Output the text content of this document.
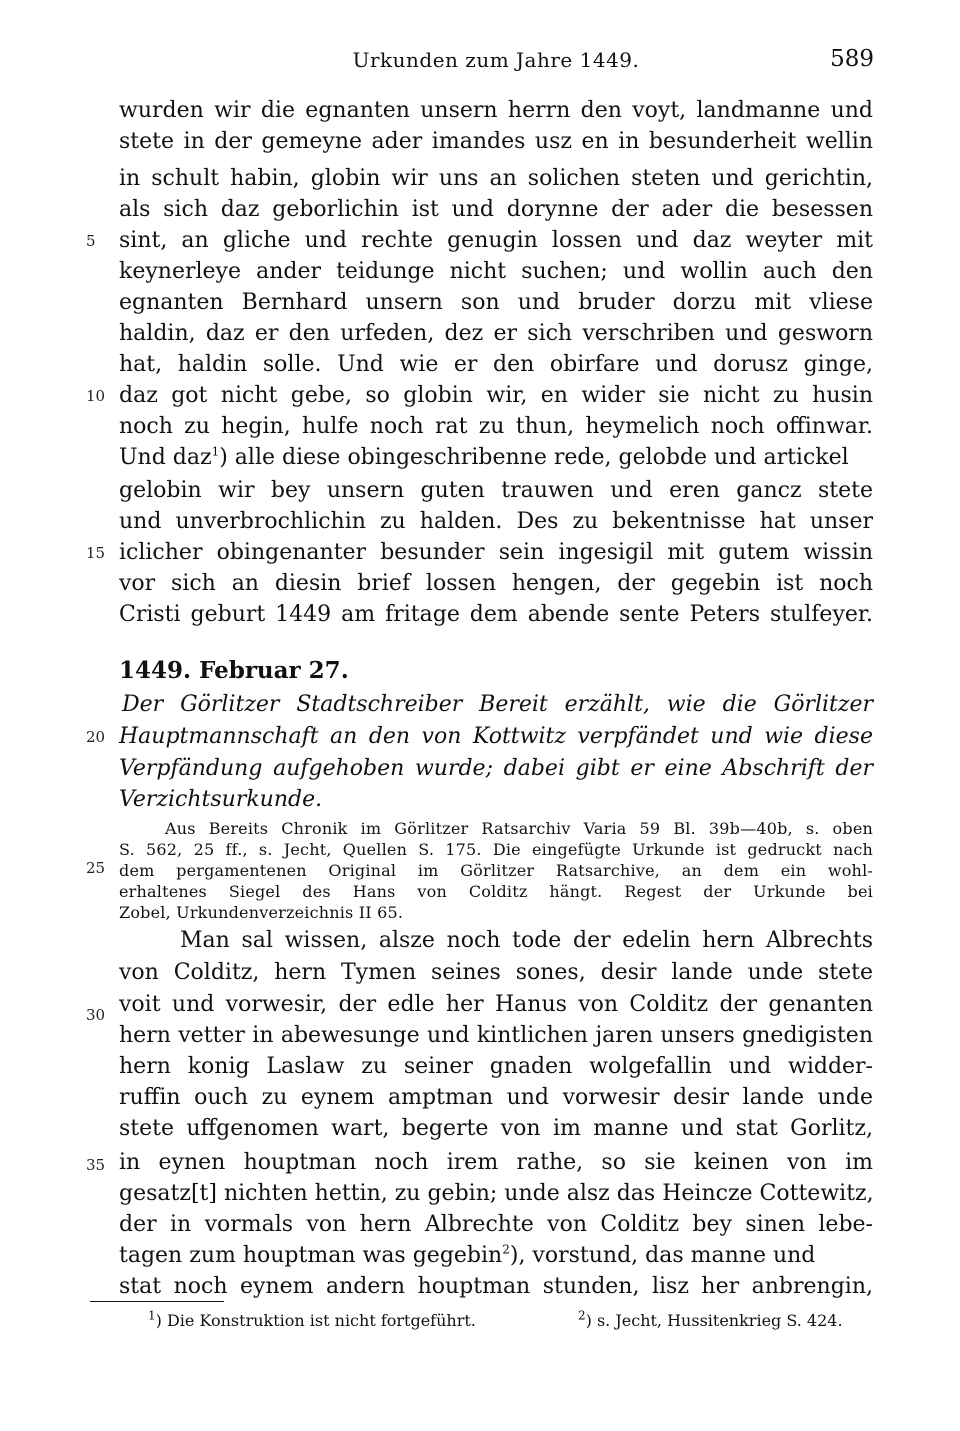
Urkunden zum Jahre 1449.	589
wurden wir die egnanten unsern herrn den voyt, landmanne und
stete in der gemeyne ader imandes usz en in besunderheit wellin
in schult habin, globin wir uns an solichen steten und gerichtin,
als sich daz geborlichin ist und dorynne der ader die besessen
sint, an gliche und rechte genugin lossen und daz weyter mit
keynerleye ander teidunge nicht suchen; und wollin auch den
egnanten Bernhard unsern son und bruder dorzu mit vliese
haldin, daz er den urfeden, dez er sich verschriben und gesworn
hat, haldin solle. Und wie er den obirfare und dorusz ginge,
daz got nicht gebe, so globin wir, en wider sie nicht zu husin
noch zu hegin, hulfe noch rat zu thun, heymelich noch offinwar.
Und daz$^1$) alle diese obingeschribenne rede, gelobde und artickel
gelobin wir bey unsern guten trauwen und eren gancz stete
und unverbrochlichin zu halden. Des zu bekentnisse hat unser
iclicher obingenanter besunder sein ingesigil mit gutem wissin
vor sich an diesin brief lossen hengen, der gegebin ist noch
Cristi geburt 1449 am fritage dem abende sente Peters stulfeyer.
5
10
15
20
25
30
35
1449. Februar 27.
Der Görlitzer Stadtschreiber Bereit erzählt, wie die Görlitzer
Hauptmannschaft an den von Kottwitz verpfändet und wie diese
Verpfändung aufgehoben wurde; dabei gibt er eine Abschrift der
Verzichtsurkunde.
Aus Bereits Chronik im Görlitzer Ratsarchiv Varia 59 Bl. 39b—40b, s. oben
S. 562, 25 ff., s. Jecht, Quellen S. 175. Die eingefügte Urkunde ist gedruckt nach
dem pergamentenen Original im Görlitzer Ratsarchive, an dem ein wohl-
erhaltenes Siegel des Hans von Colditz hängt. Regest der Urkunde bei
Zobel, Urkundenverzeichnis II 65.
Man sal wissen, alsze noch tode der edelin hern Albrechts
von Colditz, hern Tymen seines sones, desir lande unde stete
voit und vorwesir, der edle her Hanus von Colditz der genanten
hern vetter in abewesunge und kintlichen jaren unsers gnedigisten
hern konig Laslaw zu seiner gnaden wolgefallin und widder-
ruffin ouch zu eynem amptman und vorwesir desir lande unde
stete uffgenomen wart, begerte von im manne und stat Gorlitz,
in eynen houptman noch irem rathe, so sie keinen von im
gesatz[t] nichten hettin, zu gebin; unde alsz das Heincze Cottewitz,
der in vormals von hern Albrechte von Colditz bey sinen lebe-
tagen zum houptman was gegebin$^2$), vorstund, das manne und
stat noch eynem andern houptman stunden, lisz her anbrengin,
$^1$) Die Konstruktion ist nicht fortgeführt.	$^2$) s. Jecht, Hussitenkrieg S. 424.
